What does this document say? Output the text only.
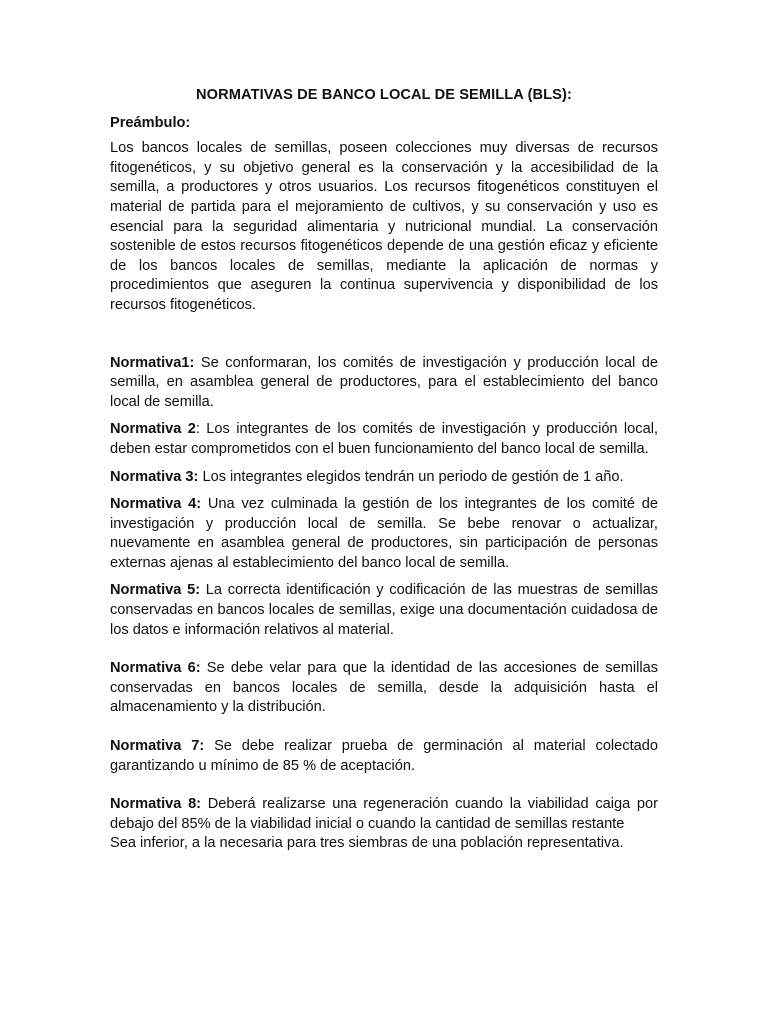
NORMATIVAS DE BANCO LOCAL DE SEMILLA (BLS):
Preámbulo:

Los bancos locales de semillas, poseen colecciones muy diversas de recursos fitogenéticos, y su objetivo general es la conservación y la accesibilidad de la semilla, a productores y otros usuarios. Los recursos fitogenéticos constituyen el material de partida para el mejoramiento de cultivos, y su conservación y uso es esencial para la seguridad alimentaria y nutricional mundial. La conservación sostenible de estos recursos fitogenéticos depende de una gestión eficaz y eficiente de los bancos locales de semillas, mediante la aplicación de normas y procedimientos que aseguren la continua supervivencia y disponibilidad de los recursos fitogenéticos.

Normativa1: Se conformaran, los comités de investigación y producción local de semilla, en asamblea general de productores, para el establecimiento del banco local de semilla.

Normativa 2: Los integrantes de los comités de investigación y producción local, deben estar comprometidos con el buen funcionamiento del banco local de semilla.

Normativa 3: Los integrantes elegidos tendrán un periodo de gestión de 1 año.

Normativa 4: Una vez culminada la gestión de los integrantes de los comité de investigación y producción local de semilla. Se bebe renovar o actualizar, nuevamente en asamblea general de productores, sin participación de personas externas ajenas al establecimiento del banco local de semilla.

Normativa 5: La correcta identificación y codificación de las muestras de semillas conservadas en bancos locales de semillas, exige una documentación cuidadosa de los datos e información relativos al material.

Normativa 6: Se debe velar para que la identidad de las accesiones de semillas conservadas en bancos locales de semilla, desde la adquisición hasta el almacenamiento y la distribución.

Normativa 7: Se debe realizar prueba de germinación al material colectado garantizando u mínimo de 85 % de aceptación.

Normativa 8: Deberá realizarse una regeneración cuando la viabilidad caiga por debajo del 85% de la viabilidad inicial o cuando la cantidad de semillas restante
Sea inferior, a la necesaria para tres siembras de una población representativa.
